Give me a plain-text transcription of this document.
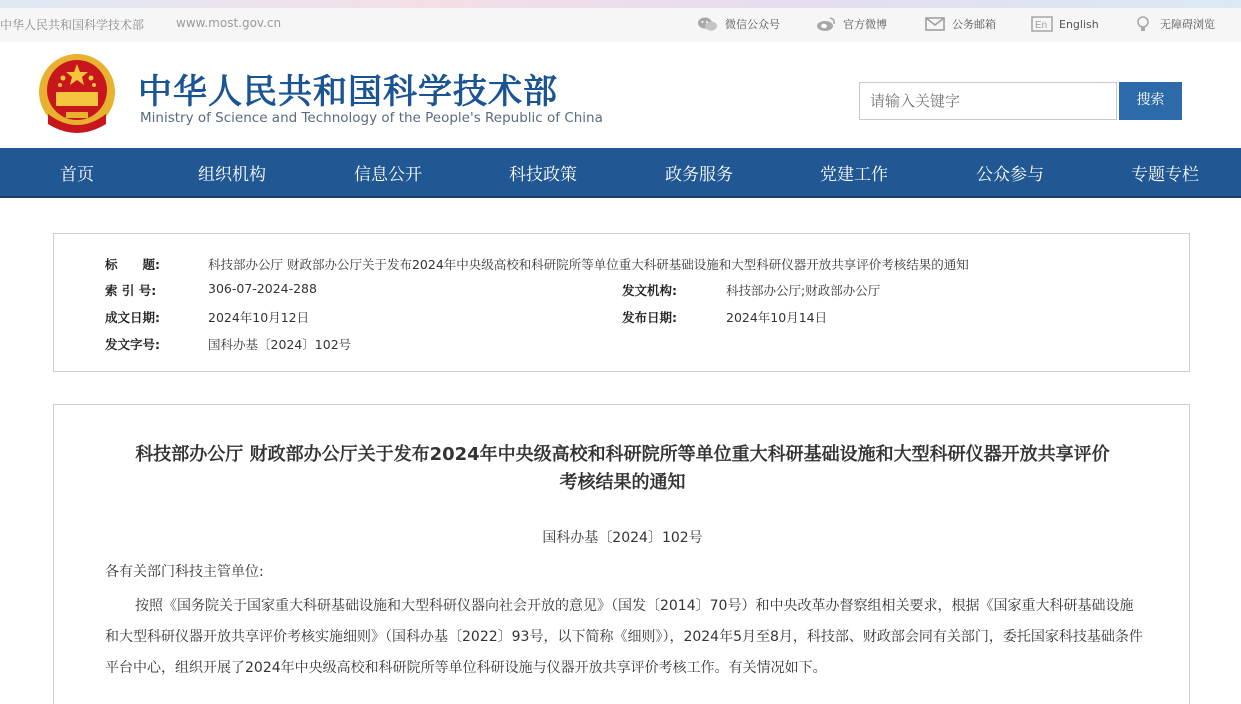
中华人民共和国科学技术部	www.most.gov.cn	微信公众号	官方微博	公务邮箱	En English	无障碍浏览
中华人民共和国科学技术部
Ministry of Science and Technology of the People's Republic of China
请输入关键字	搜索
首页	组织机构	信息公开	科技政策	政务服务	党建工作	公众参与	专题专栏
标　　题:	科技部办公厅 财政部办公厅关于发布2024年中央级高校和科研院所等单位重大科研基础设施和大型科研仪器开放共享评价考核结果的通知
索 引 号:	306-07-2024-288	发文机构:	科技部办公厅;财政部办公厅
成文日期:	2024年10月12日	发布日期:	2024年10月14日
发文字号:	国科办基〔2024〕102号
科技部办公厅 财政部办公厅关于发布2024年中央级高校和科研院所等单位重大科研基础设施和大型科研仪器开放共享评价
考核结果的通知
国科办基〔2024〕102号
各有关部门科技主管单位:
按照《国务院关于国家重大科研基础设施和大型科研仪器向社会开放的意见》（国发〔2014〕70号）和中央改革办督察组相关要求，根据《国家重大科研基础设施和大型科研仪器开放共享评价考核实施细则》（国科办基〔2022〕93号，以下简称《细则》），2024年5月至8月，科技部、财政部会同有关部门，委托国家科技基础条件平台中心，组织开展了2024年中央级高校和科研院所等单位科研设施与仪器开放共享评价考核工作。有关情况如下。
